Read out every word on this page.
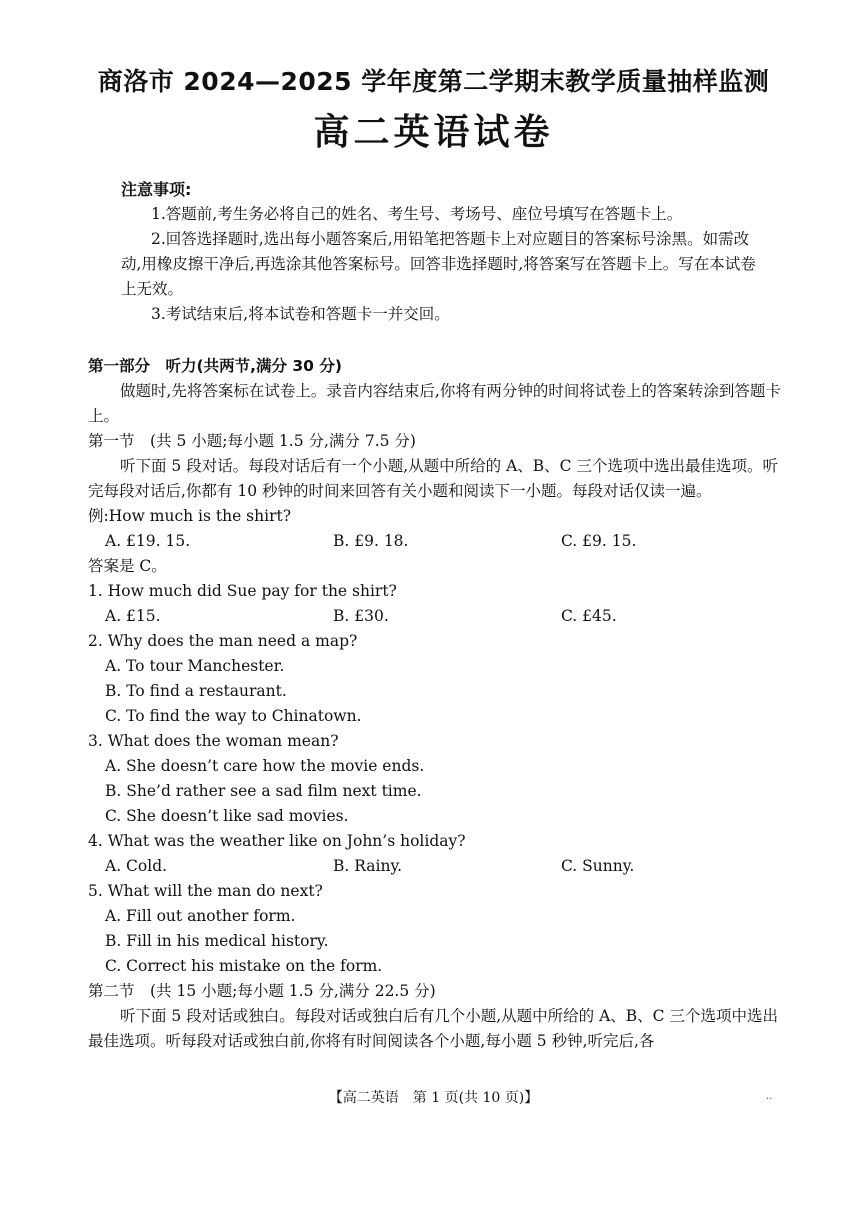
商洛市 2024—2025 学年度第二学期末教学质量抽样监测
高二英语试卷
注意事项:

1.答题前,考生务必将自己的姓名、考生号、考场号、座位号填写在答题卡上。

2.回答选择题时,选出每小题答案后,用铅笔把答题卡上对应题目的答案标号涂黑。如需改动,用橡皮擦干净后,再选涂其他答案标号。回答非选择题时,将答案写在答题卡上。写在本试卷上无效。

3.考试结束后,将本试卷和答题卡一并交回。

第一部分　听力(共两节,满分 30 分)

做题时,先将答案标在试卷上。录音内容结束后,你将有两分钟的时间将试卷上的答案转涂到答题卡上。

第一节　(共 5 小题;每小题 1.5 分,满分 7.5 分)

听下面 5 段对话。每段对话后有一个小题,从题中所给的 A、B、C 三个选项中选出最佳选项。听完每段对话后,你都有 10 秒钟的时间来回答有关小题和阅读下一小题。每段对话仅读一遍。

例:How much is the shirt?

A. £19. 15.	B. £9. 18.	C. £9. 15.

答案是 C。

1. How much did Sue pay for the shirt?

A. £15.	B. £30.	C. £45.

2. Why does the man need a map?

A. To tour Manchester.

B. To find a restaurant.

C. To find the way to Chinatown.

3. What does the woman mean?

A. She doesn’t care how the movie ends.

B. She’d rather see a sad film next time.

C. She doesn’t like sad movies.

4. What was the weather like on John’s holiday?

A. Cold.	B. Rainy.	C. Sunny.

5. What will the man do next?

A. Fill out another form.

B. Fill in his medical history.

C. Correct his mistake on the form.

第二节　(共 15 小题;每小题 1.5 分,满分 22.5 分)

听下面 5 段对话或独白。每段对话或独白后有几个小题,从题中所给的 A、B、C 三个选项中选出最佳选项。听每段对话或独白前,你将有时间阅读各个小题,每小题 5 秒钟,听完后,各

【高二英语　第 1 页(共 10 页)】	··
